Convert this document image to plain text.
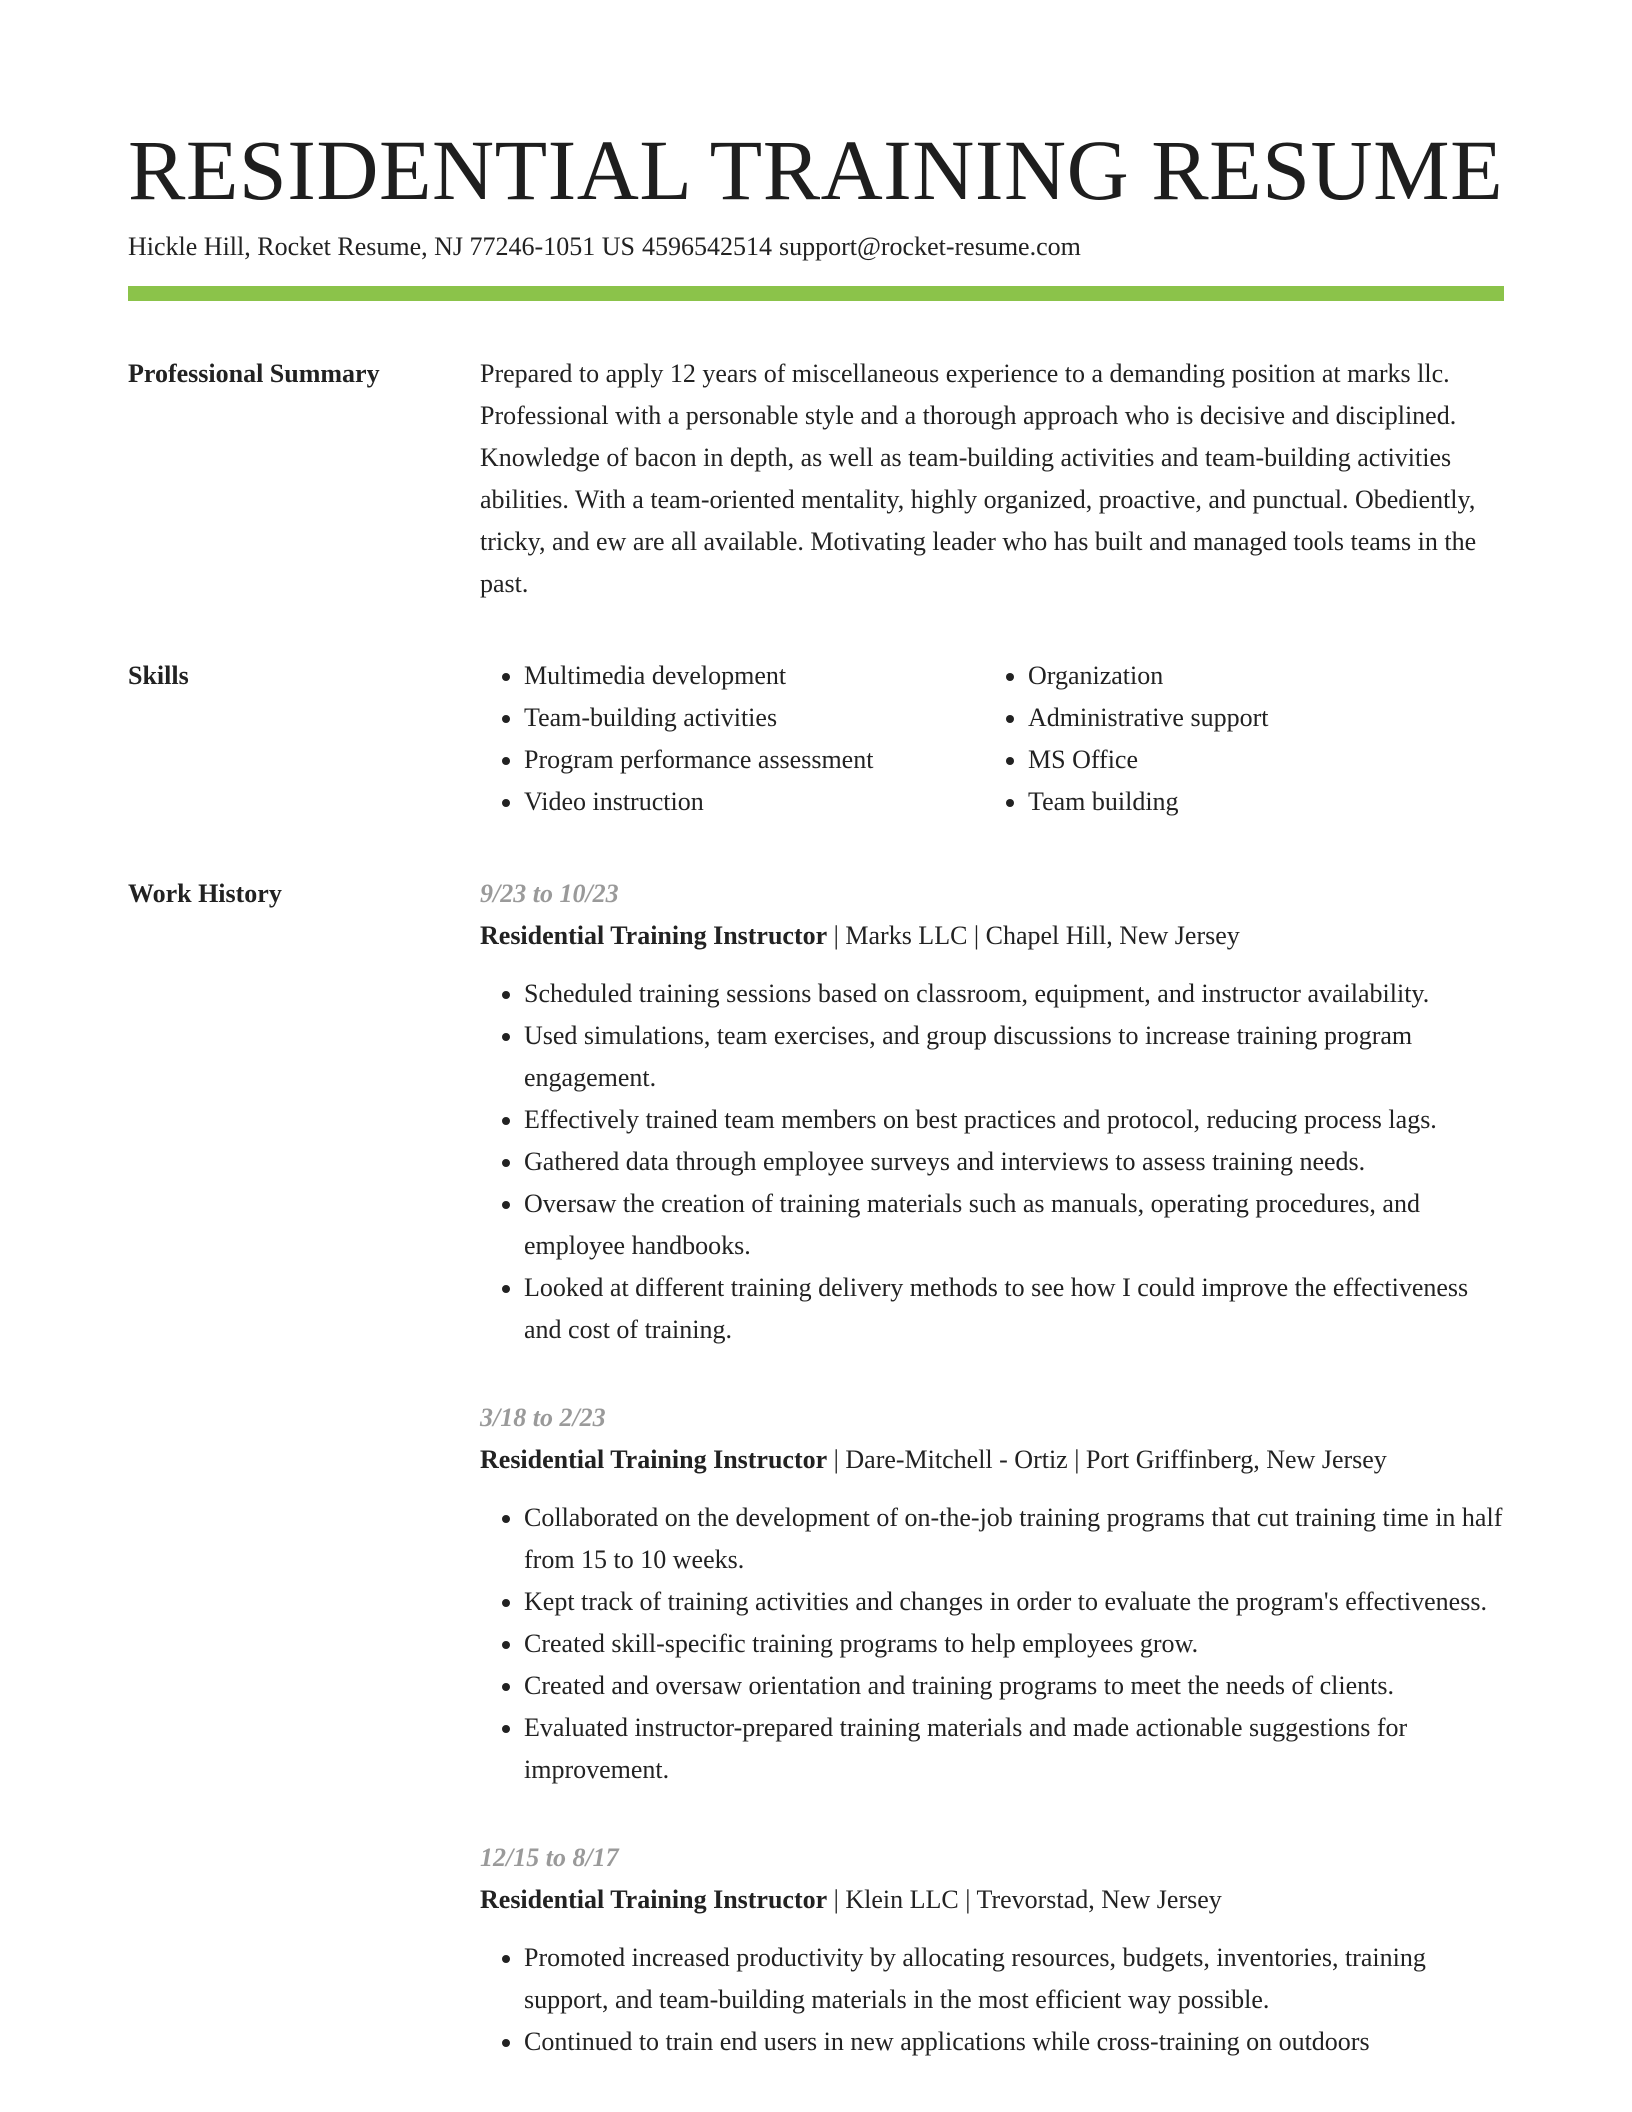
RESIDENTIAL TRAINING RESUME
Hickle Hill, Rocket Resume, NJ 77246-1051 US 4596542514 support@rocket-resume.com
Professional Summary	Prepared to apply 12 years of miscellaneous experience to a demanding position at marks llc. Professional with a personable style and a thorough approach who is decisive and disciplined. Knowledge of bacon in depth, as well as team-building activities and team-building activities abilities. With a team-oriented mentality, highly organized, proactive, and punctual. Obediently, tricky, and ew are all available. Motivating leader who has built and managed tools teams in the past.

Skills
•	Multimedia development
• Team-building activities
• Program performance assessment
• Video instruction
• Organization
• Administrative support
• MS Office
• Team building
Work History	9/23 to 10/23
Residential Training Instructor | Marks LLC | Chapel Hill, New Jersey
• Scheduled training sessions based on classroom, equipment, and instructor availability.
• Used simulations, team exercises, and group discussions to increase training program engagement.
• Effectively trained team members on best practices and protocol, reducing process lags.
• Gathered data through employee surveys and interviews to assess training needs.
• Oversaw the creation of training materials such as manuals, operating procedures, and employee handbooks.
• Looked at different training delivery methods to see how I could improve the effectiveness and cost of training.
3/18 to 2/23
Residential Training Instructor | Dare-Mitchell - Ortiz | Port Griffinberg, New Jersey
• Collaborated on the development of on-the-job training programs that cut training time in half from 15 to 10 weeks.
• Kept track of training activities and changes in order to evaluate the program's effectiveness.
• Created skill-specific training programs to help employees grow.
• Created and oversaw orientation and training programs to meet the needs of clients.
• Evaluated instructor-prepared training materials and made actionable suggestions for improvement.
12/15 to 8/17
Residential Training Instructor | Klein LLC | Trevorstad, New Jersey
• Promoted increased productivity by allocating resources, budgets, inventories, training support, and team-building materials in the most efficient way possible.
• Continued to train end users in new applications while cross-training on outdoors
